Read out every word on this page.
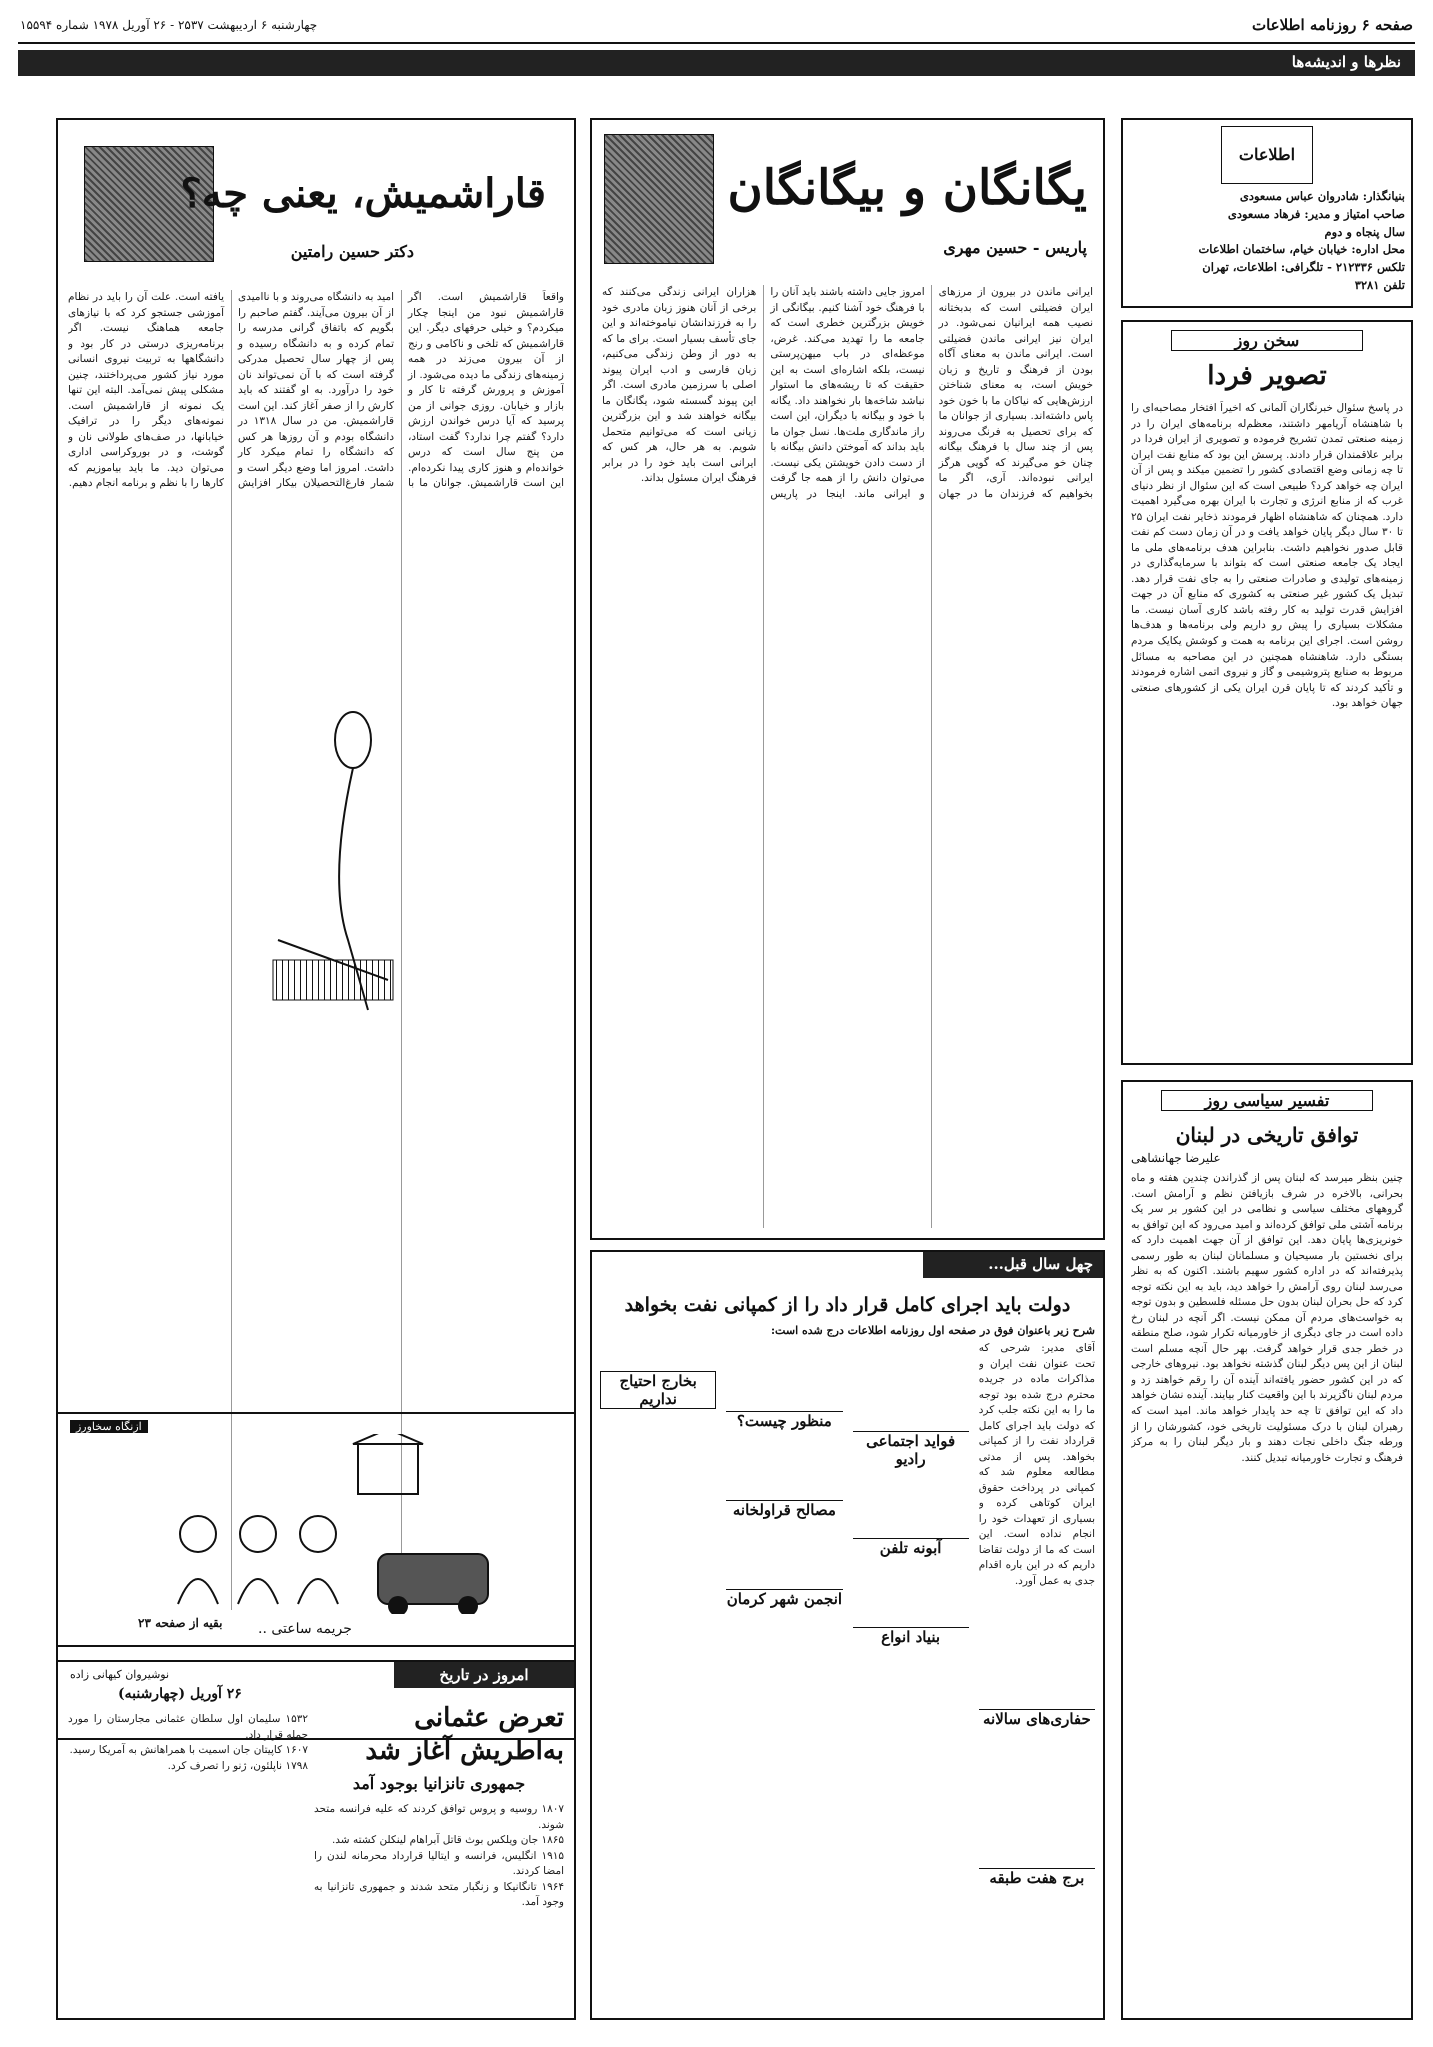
صفحه ۶ روزنامه اطلاعات
چهارشنبه ۶ اردیبهشت ۲۵۳۷ - ۲۶ آوریل ۱۹۷۸ شماره ۱۵۵۹۴
نظرها و اندیشه‌ها
اطلاعات
بنیانگذار: شادروان عباس مسعودی
صاحب امتیاز و مدیر: فرهاد مسعودی
سال پنجاه و دوم
محل اداره: خیابان خیام، ساختمان اطلاعات
تلکس ۲۱۲۳۳۶ - تلگرافی: اطلاعات، تهران
تلفن ۳۲۸۱
سخن روز
تصویر فردا
در پاسخ سئوال خبرنگاران آلمانی که اخیراً افتخار مصاحبه‌ای را با شاهنشاه آریامهر داشتند، معظم‌له برنامه‌های ایران را در زمینه صنعتی تمدن تشریح فرموده و تصویری از ایران فردا در برابر علاقمندان قرار دادند. پرسش این بود که منابع نفت ایران تا چه زمانی وضع اقتصادی کشور را تضمین میکند و پس از آن ایران چه خواهد کرد؟ طبیعی است که این سئوال از نظر دنیای غرب که از منابع انرژی و تجارت با ایران بهره می‌گیرد اهمیت دارد. همچنان که شاهنشاه اظهار فرمودند ذخایر نفت ایران ۲۵ تا ۳۰ سال دیگر پایان خواهد یافت و در آن زمان دست کم نفت قابل صدور نخواهیم داشت. بنابراین هدف برنامه‌های ملی ما ایجاد یک جامعه صنعتی است که بتواند با سرمایه‌گذاری در زمینه‌های تولیدی و صادرات صنعتی را به جای نفت قرار دهد. تبدیل یک کشور غیر صنعتی به کشوری که منابع آن در جهت افزایش قدرت تولید به کار رفته باشد کاری آسان نیست. ما مشکلات بسیاری را پیش رو داریم ولی برنامه‌ها و هدف‌ها روشن است. اجرای این برنامه به همت و کوشش یکایک مردم بستگی دارد. شاهنشاه همچنین در این مصاحبه به مسائل مربوط به صنایع پتروشیمی و گاز و نیروی اتمی اشاره فرمودند و تأکید کردند که تا پایان قرن ایران یکی از کشورهای صنعتی جهان خواهد بود.
تفسیر سیاسی روز
توافق تاریخی در لبنان
علیرضا جهانشاهی
چنین بنظر میرسد که لبنان پس از گذراندن چندین هفته و ماه بحرانی، بالاخره در شرف بازیافتن نظم و آرامش است. گروههای مختلف سیاسی و نظامی در این کشور بر سر یک برنامه آشتی ملی توافق کرده‌اند و امید می‌رود که این توافق به خونریزی‌ها پایان دهد. این توافق از آن جهت اهمیت دارد که برای نخستین بار مسیحیان و مسلمانان لبنان به طور رسمی پذیرفته‌اند که در اداره کشور سهیم باشند. اکنون که به نظر می‌رسد لبنان روی آرامش را خواهد دید، باید به این نکته توجه کرد که حل بحران لبنان بدون حل مسئله فلسطین و بدون توجه به خواست‌های مردم آن ممکن نیست. اگر آنچه در لبنان رخ داده است در جای دیگری از خاورمیانه تکرار شود، صلح منطقه در خطر جدی قرار خواهد گرفت. بهر حال آنچه مسلم است لبنان از این پس دیگر لبنان گذشته نخواهد بود. نیروهای خارجی که در این کشور حضور یافته‌اند آینده آن را رقم خواهند زد و مردم لبنان ناگزیرند با این واقعیت کنار بیایند. آینده نشان خواهد داد که این توافق تا چه حد پایدار خواهد ماند. امید است که رهبران لبنان با درک مسئولیت تاریخی خود، کشورشان را از ورطه جنگ داخلی نجات دهند و بار دیگر لبنان را به مرکز فرهنگ و تجارت خاورمیانه تبدیل کنند.
یگانگان و بیگانگان
پاریس - حسین مهری
ایرانی ماندن در بیرون از مرزهای ایران فضیلتی است که بدبختانه نصیب همه ایرانیان نمی‌شود. در ایران نیز ایرانی ماندن فضیلتی است. ایرانی ماندن به معنای آگاه بودن از فرهنگ و تاریخ و زبان خویش است، به معنای شناختن ارزش‌هایی که نیاکان ما با خون خود پاس داشته‌اند. بسیاری از جوانان ما که برای تحصیل به فرنگ می‌روند پس از چند سال با فرهنگ بیگانه چنان خو می‌گیرند که گویی هرگز ایرانی نبوده‌اند. آری، اگر ما بخواهیم که فرزندان ما در جهان امروز جایی داشته باشند باید آنان را با فرهنگ خود آشنا کنیم. بیگانگی از خویش بزرگترین خطری است که جامعه ما را تهدید می‌کند. غرض، موعظه‌ای در باب میهن‌پرستی نیست، بلکه اشاره‌ای است به این حقیقت که تا ریشه‌های ما استوار نباشد شاخه‌ها بار نخواهند داد. یگانه با خود و بیگانه با دیگران، این است راز ماندگاری ملت‌ها. نسل جوان ما باید بداند که آموختن دانش بیگانه با از دست دادن خویشتن یکی نیست. می‌توان دانش را از همه جا گرفت و ایرانی ماند. اینجا در پاریس هزاران ایرانی زندگی می‌کنند که برخی از آنان هنوز زبان مادری خود را به فرزندانشان نیاموخته‌اند و این جای تأسف بسیار است. برای ما که به دور از وطن زندگی می‌کنیم، زبان فارسی و ادب ایران پیوند اصلی با سرزمین مادری است. اگر این پیوند گسسته شود، یگانگان ما بیگانه خواهند شد و این بزرگترین زیانی است که می‌توانیم متحمل شویم. به هر حال، هر کس که ایرانی است باید خود را در برابر فرهنگ ایران مسئول بداند.
قاراشمیش، یعنی چه؟
دکتر حسین رامتین
واقعاً قاراشمیش است. اگر قاراشمیش نبود من اینجا چکار میکردم؟ و خیلی حرفهای دیگر. این قاراشمیش که تلخی و ناکامی و رنج از آن بیرون می‌زند در همه زمینه‌های زندگی ما دیده می‌شود. از آموزش و پرورش گرفته تا کار و بازار و خیابان. روزی جوانی از من پرسید که آیا درس خواندن ارزش دارد؟ گفتم چرا ندارد؟ گفت استاد، من پنج سال است که درس خوانده‌ام و هنوز کاری پیدا نکرده‌ام. این است قاراشمیش. جوانان ما با امید به دانشگاه می‌روند و با ناامیدی از آن بیرون می‌آیند. گفتم صاحبم را بگویم که باتفاق گرانی مدرسه را تمام کرده و به دانشگاه رسیده و پس از چهار سال تحصیل مدرکی گرفته است که با آن نمی‌تواند نان خود را درآورد. به او گفتند که باید کارش را از صفر آغاز کند. این است قاراشمیش. من در سال ۱۳۱۸ در دانشگاه بودم و آن روزها هر کس که دانشگاه را تمام میکرد کار داشت. امروز اما وضع دیگر است و شمار فارغ‌التحصیلان بیکار افزایش یافته است. علت آن را باید در نظام آموزشی جستجو کرد که با نیازهای جامعه هماهنگ نیست. اگر برنامه‌ریزی درستی در کار بود و دانشگاهها به تربیت نیروی انسانی مورد نیاز کشور می‌پرداختند، چنین مشکلی پیش نمی‌آمد. البته این تنها یک نمونه از قاراشمیش است. نمونه‌های دیگر را در ترافیک خیابانها، در صف‌های طولانی نان و گوشت، و در بوروکراسی اداری می‌توان دید. ما باید بیاموزیم که کارها را با نظم و برنامه انجام دهیم.
بقیه از صفحه ۲۳
ازنگاه سخاورز
جریمه ساعتی ..
چهل سال قبل...
دولت باید اجرای کامل قرار داد را از کمپانی نفت بخواهد
شرح زیر باعنوان فوق در صفحه اول روزنامه اطلاعات درج شده است:
آقای مدیر: شرحی که تحت عنوان نفت ایران و مذاکرات ماده در جریده محترم درج شده بود توجه ما را به این نکته جلب کرد که دولت باید اجرای کامل قرارداد نفت را از کمپانی بخواهد. پس از مدتی مطالعه معلوم شد که کمپانی در پرداخت حقوق ایران کوتاهی کرده و بسیاری از تعهدات خود را انجام نداده است. این است که ما از دولت تقاضا داریم که در این باره اقدام جدی به عمل آورد.
حفاری‌های سالانه
برج هفت طبقه
فواید اجتماعی رادیو
آبونه تلفن
بنیاد انواع
منظور چیست؟
مصالح قراولخانه
انجمن شهر کرمان
بخارج احتیاج نداریم
امروز در تاریخ
نوشیروان کیهانی زاده
۲۶ آوریل (چهارشنبه)
تعرض عثمانی به‌اطریش آغاز شد
جمهوری تانزانیا بوجود آمد
۱۵۳۲ سلیمان اول سلطان عثمانی مجارستان را مورد حمله قرار داد.
۱۶۰۷ کاپیتان جان اسمیت با همراهانش به آمریکا رسید.
۱۷۹۸ ناپلئون، ژنو را تصرف کرد.
۱۸۰۷ روسیه و پروس توافق کردند که علیه فرانسه متحد شوند.
۱۸۶۵ جان ویلکس بوث قاتل آبراهام لینکلن کشته شد.
۱۹۱۵ انگلیس، فرانسه و ایتالیا قرارداد محرمانه لندن را امضا کردند.
۱۹۶۴ تانگانیکا و زنگبار متحد شدند و جمهوری تانزانیا به وجود آمد.
